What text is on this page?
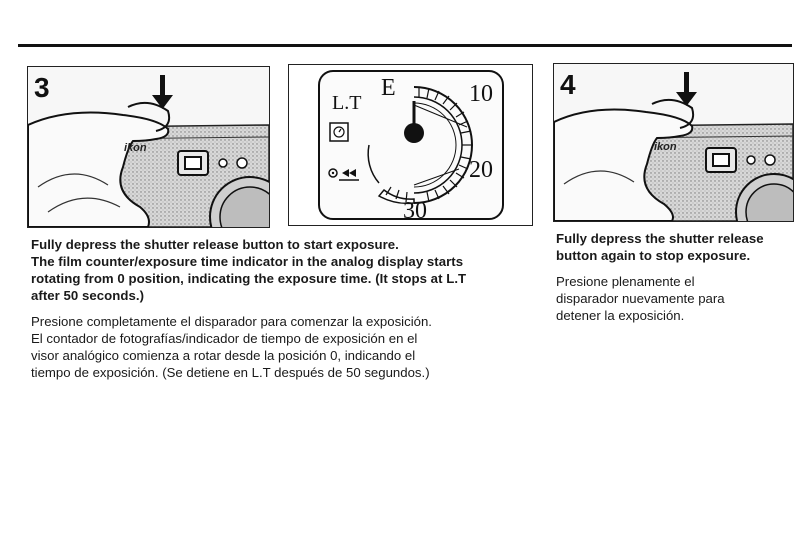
3
ikon
L.T
E	10
20
30
4
ikon

Fully depress the shutter release button to start exposure.

The film counter/exposure time indicator in the analog display starts

rotating from 0 position, indicating the exposure time. (It stops at L.T

after 50 seconds.)

Presione completamente el disparador para comenzar la exposición.

El contador de fotografías/indicador de tiempo de exposición en el

visor analógico comienza a rotar desde la posición 0, indicando el

tiempo de exposición. (Se detiene en L.T después de 50 segundos.)

Fully depress the shutter release

button again to stop exposure.

Presione plenamente el

disparador nuevamente para

detener la exposición.
